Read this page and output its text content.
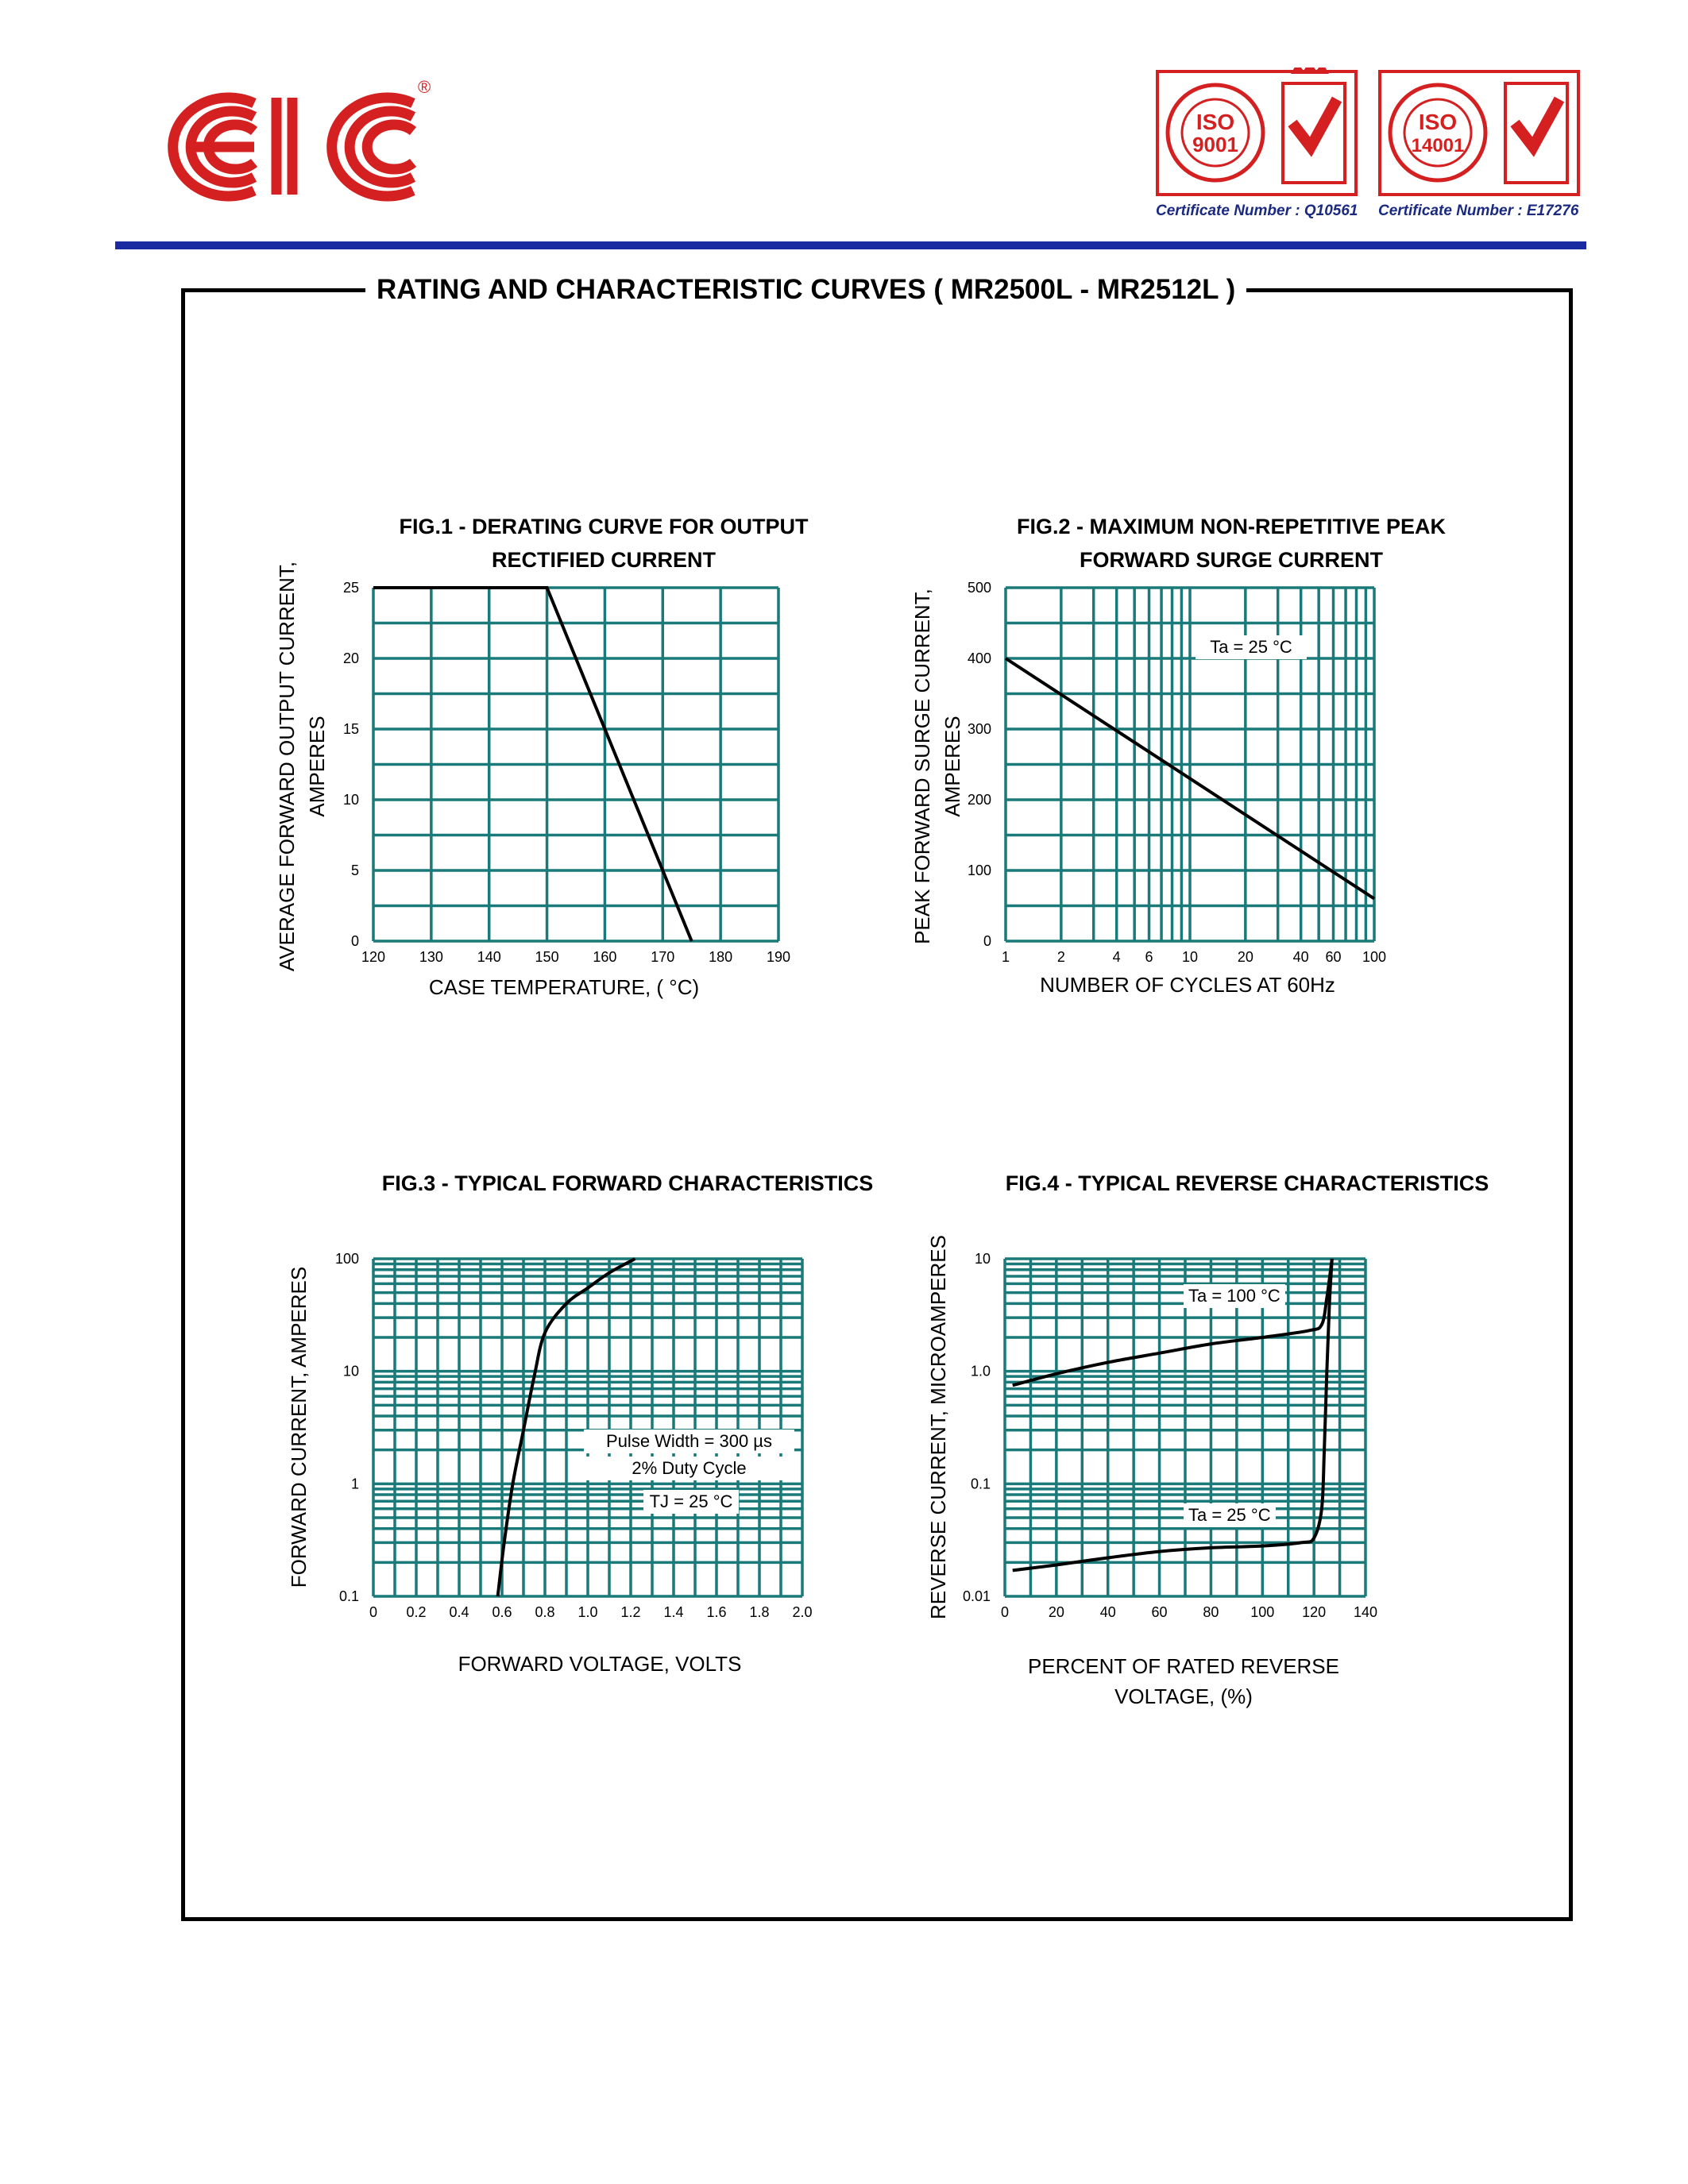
®
ISO
9001
Certificate Number : Q10561
ISO
14001
Certificate Number : E17276
RATING AND CHARACTERISTIC CURVES ( MR2500L - MR2512L )
120 130 140 150 160 170 180 190
0
5
10
15
20
25
FIG.1 - DERATING CURVE FOR OUTPUT
RECTIFIED CURRENT
CASE TEMPERATURE, ( °C)
AVERAGE FORWARD OUTPUT CURRENT, AMPERES
1	2	4 6 10	20	40 60 100
0
100
200
300
400
500
FIG.2 - MAXIMUM NON-REPETITIVE PEAK
FORWARD SURGE CURRENT
NUMBER OF CYCLES AT 60Hz
PEAK FORWARD SURGE CURRENT, AMPERES
Ta = 25 °C
0 0.2 0.4 0.6 0.8 1.0 1.2 1.4 1.6 1.8 2.0
0.1
1
10
100
FIG.3 - TYPICAL FORWARD CHARACTERISTICS
FORWARD VOLTAGE, VOLTS
FORWARD CURRENT, AMPERES	Pulse Width = 300 µs
2% Duty Cycle
TJ = 25 °C
0	20 40 60 80 100 120 140
0.01
0.1
1.0
10
FIG.4 - TYPICAL REVERSE CHARACTERISTICS
PERCENT OF RATED REVERSE
VOLTAGE, (%)
REVERSE CURRENT, MICROAMPERES	Ta = 100 °C
Ta = 25 °C
